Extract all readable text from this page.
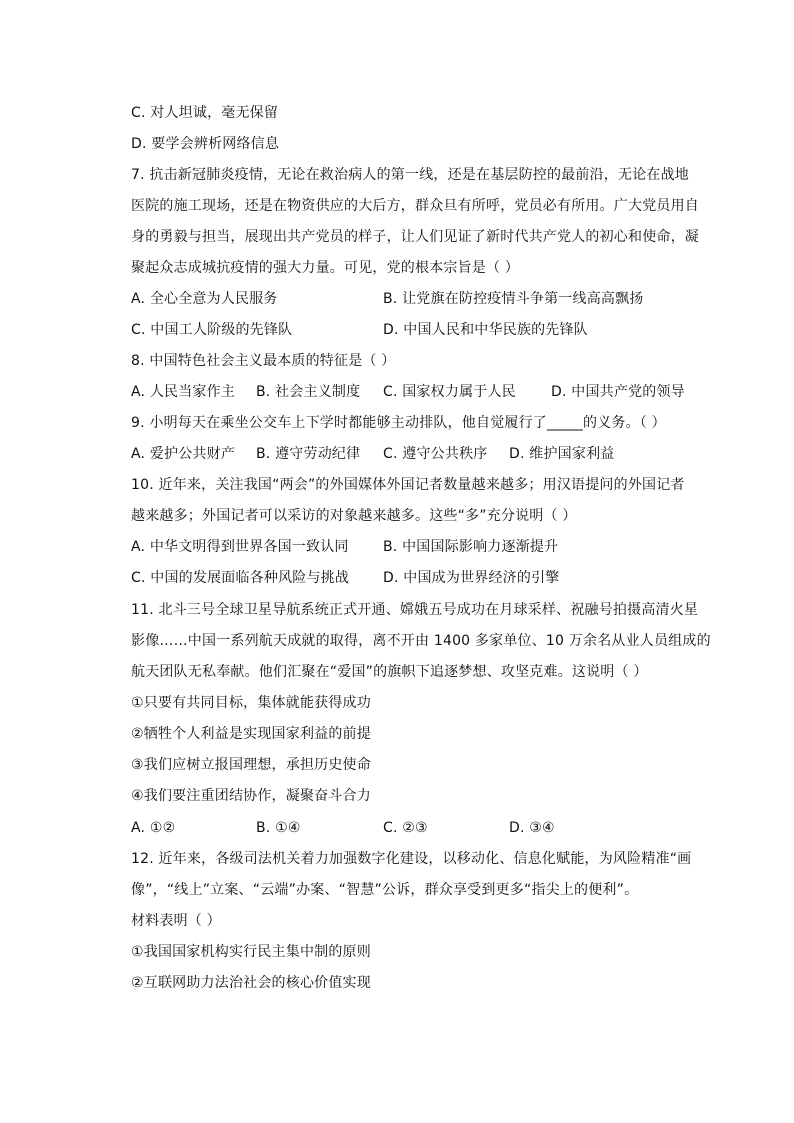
C. 对人坦诚，毫无保留
D. 要学会辨析网络信息
7. 抗击新冠肺炎疫情，无论在救治病人的第一线，还是在基层防控的最前沿，无论在战地
医院的施工现场，还是在物资供应的大后方，群众旦有所呼，党员必有所用。广大党员用自
身的勇毅与担当，展现出共产党员的样子，让人们见证了新时代共产党人的初心和使命，凝
聚起众志成城抗疫情的强大力量。可见，党的根本宗旨是（ ）
A. 全心全意为人民服务	B. 让党旗在防控疫情斗争第一线高高飘扬
C. 中国工人阶级的先锋队	D. 中国人民和中华民族的先锋队
8. 中国特色社会主义最本质的特征是（ ）
A. 人民当家作主 B. 社会主义制度 C. 国家权力属于人民	D. 中国共产党的领导
9. 小明每天在乘坐公交车上下学时都能够主动排队，他自觉履行了_____的义务。（ ）
A. 爱护公共财产 B. 遵守劳动纪律 C. 遵守公共秩序 D. 维护国家利益
10. 近年来，关注我国“两会”的外国媒体外国记者数量越来越多；用汉语提问的外国记者
越来越多；外国记者可以采访的对象越来越多。这些“多”充分说明（ ）
A. 中华文明得到世界各国一致认同 B. 中国国际影响力逐渐提升
C. 中国的发展面临各种风险与挑战 D. 中国成为世界经济的引擎
11. 北斗三号全球卫星导航系统正式开通、嫦娥五号成功在月球采样、祝融号拍摄高清火星
影像……中国一系列航天成就的取得，离不开由 1400 多家单位、10 万余名从业人员组成的
航天团队无私奉献。他们汇聚在“爱国”的旗帜下追逐梦想、攻坚克难。这说明（ ）
①只要有共同目标，集体就能获得成功
②牺牲个人利益是实现国家利益的前提
③我们应树立报国理想，承担历史使命
④我们要注重团结协作，凝聚奋斗合力
A. ①②	B. ①④	C. ②③	D. ③④
12. 近年来，各级司法机关着力加强数字化建设，以移动化、信息化赋能，为风险精准“画
像”，“线上”立案、“云端”办案、“智慧”公诉，群众享受到更多“指尖上的便利”。
材料表明（ ）
①我国国家机构实行民主集中制的原则
②互联网助力法治社会的核心价值实现
